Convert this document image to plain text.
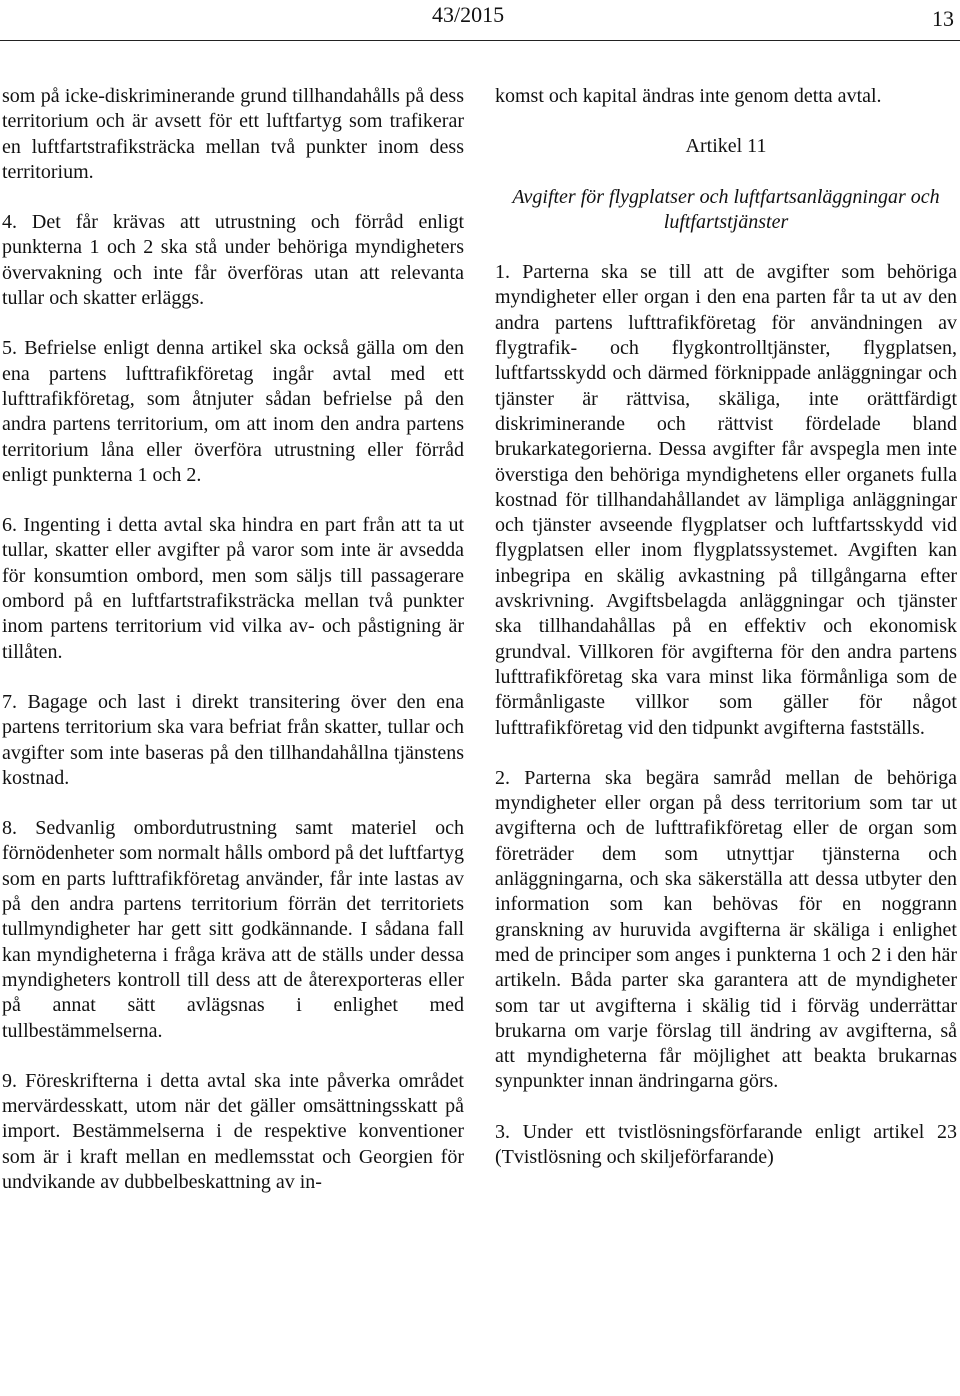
43/2015	13

som på icke-diskriminerande grund tillhandahålls på dess territorium och är avsett för ett luftfartyg som trafikerar en luftfartstrafiksträcka mellan två punkter inom dess territorium.

4. Det får krävas att utrustning och förråd enligt punkterna 1 och 2 ska stå under behöriga myndigheters övervakning och inte får överföras utan att relevanta tullar och skatter erläggs.

5. Befrielse enligt denna artikel ska också gälla om den ena partens lufttrafikföretag ingår avtal med ett lufttrafikföretag, som åtnjuter sådan befrielse på den andra partens territorium, om att inom den andra partens territorium låna eller överföra utrustning eller förråd enligt punkterna 1 och 2.

6. Ingenting i detta avtal ska hindra en part från att ta ut tullar, skatter eller avgifter på varor som inte är avsedda för konsumtion ombord, men som säljs till passagerare ombord på en luftfartstrafiksträcka mellan två punkter inom partens territorium vid vilka av- och påstigning är tillåten.

7. Bagage och last i direkt transitering över den ena partens territorium ska vara befriat från skatter, tullar och avgifter som inte baseras på den tillhandahållna tjänstens kostnad.

8. Sedvanlig ombordutrustning samt materiel och förnödenheter som normalt hålls ombord på det luftfartyg som en parts lufttrafikföretag använder, får inte lastas av på den andra partens territorium förrän det territoriets tullmyndigheter har gett sitt godkännande. I sådana fall kan myndigheterna i fråga kräva att de ställs under dessa myndigheters kontroll till dess att de återexporteras eller på annat sätt avlägsnas i enlighet med tullbestämmelserna.

9. Föreskrifterna i detta avtal ska inte påverka området mervärdesskatt, utom när det gäller omsättningsskatt på import. Bestämmelserna i de respektive konventioner som är i kraft mellan en medlemsstat och Georgien för undvikande av dubbelbeskattning av in-

komst och kapital ändras inte genom detta avtal.

Artikel 11

Avgifter för flygplatser och luftfartsanläggningar och luftfartstjänster

1. Parterna ska se till att de avgifter som behöriga myndigheter eller organ i den ena parten får ta ut av den andra partens lufttrafikföretag för användningen av flygtrafik- och flygkontrolltjänster, flygplatsen, luftfartsskydd och därmed förknippade anläggningar och tjänster är rättvisa, skäliga, inte orättfärdigt diskriminerande och rättvist fördelade bland brukarkategorierna. Dessa avgifter får avspegla men inte överstiga den behöriga myndighetens eller organets fulla kostnad för tillhandahållandet av lämpliga anläggningar och tjänster avseende flygplatser och luftfartsskydd vid flygplatsen eller inom flygplatssystemet. Avgiften kan inbegripa en skälig avkastning på tillgångarna efter avskrivning. Avgiftsbelagda anläggningar och tjänster ska tillhandahållas på en effektiv och ekonomisk grundval. Villkoren för avgifterna för den andra partens lufttrafikföretag ska vara minst lika förmånliga som de förmånligaste villkor som gäller för något lufttrafikföretag vid den tidpunkt avgifterna fastställs.

2. Parterna ska begära samråd mellan de behöriga myndigheter eller organ på dess territorium som tar ut avgifterna och de lufttrafikföretag eller de organ som företräder dem som utnyttjar tjänsterna och anläggningarna, och ska säkerställa att dessa utbyter den information som kan behövas för en noggrann granskning av huruvida avgifterna är skäliga i enlighet med de principer som anges i punkterna 1 och 2 i den här artikeln. Båda parter ska garantera att de myndigheter som tar ut avgifterna i skälig tid i förväg underrättar brukarna om varje förslag till ändring av avgifterna, så att myndigheterna får möjlighet att beakta brukarnas synpunkter innan ändringarna görs.

3. Under ett tvistlösningsförfarande enligt artikel 23 (Tvistlösning och skiljeförfarande)
